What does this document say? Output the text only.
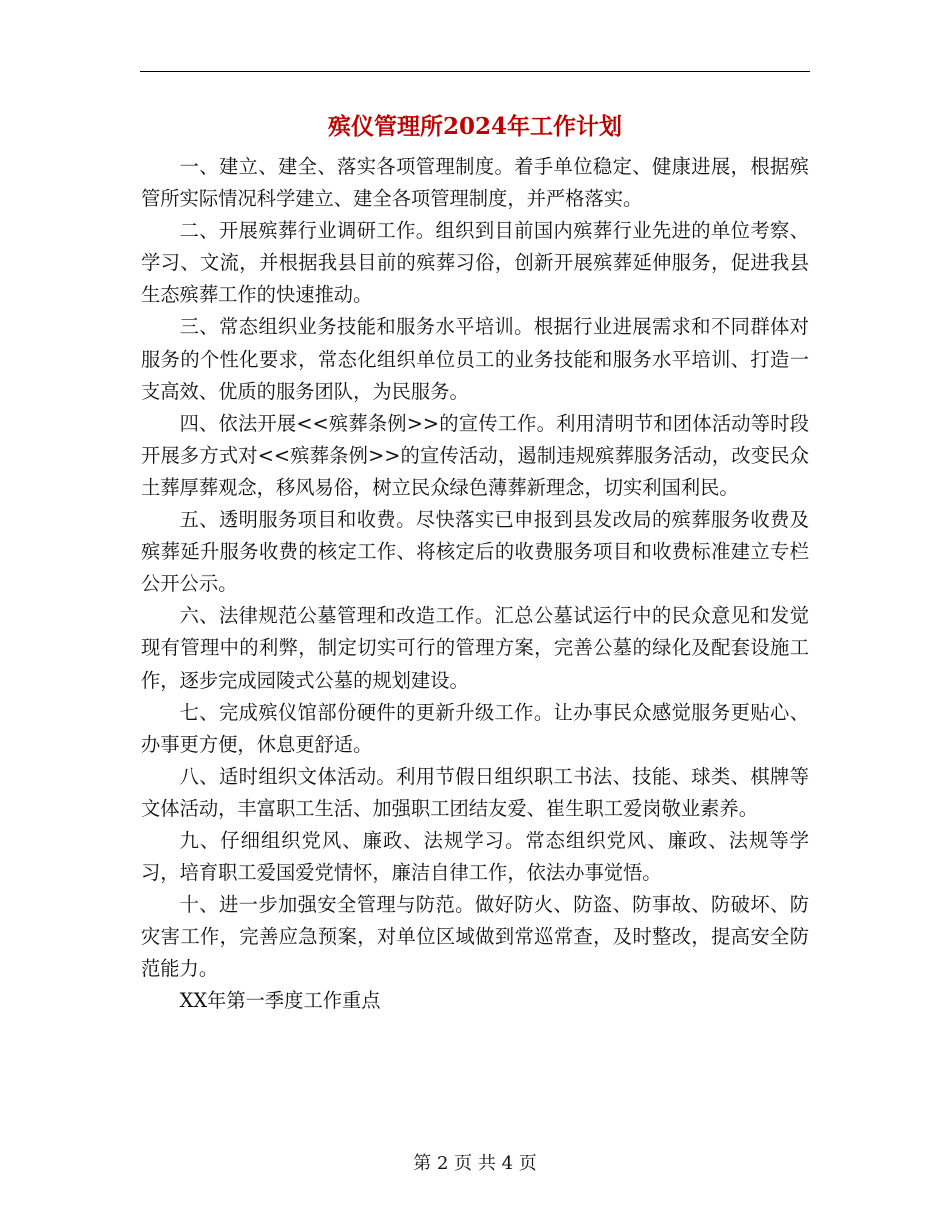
殡仪管理所2024年工作计划

一、建立、建全、落实各项管理制度。着手单位稳定、健康进展，根据殡管所实际情况科学建立、建全各项管理制度，并严格落实。

二、开展殡葬行业调研工作。组织到目前国内殡葬行业先进的单位考察、学习、文流，并根据我县目前的殡葬习俗，创新开展殡葬延伸服务，促进我县生态殡葬工作的快速推动。

三、常态组织业务技能和服务水平培训。根据行业进展需求和不同群体对服务的个性化要求，常态化组织单位员工的业务技能和服务水平培训、打造一支高效、优质的服务团队，为民服务。

四、依法开展<<殡葬条例>>的宣传工作。利用清明节和团体活动等时段开展多方式对<<殡葬条例>>的宣传活动，遏制违规殡葬服务活动，改变民众土葬厚葬观念，移风易俗，树立民众绿色薄葬新理念，切实利国利民。

五、透明服务项目和收费。尽快落实已申报到县发改局的殡葬服务收费及殡葬延升服务收费的核定工作、将核定后的收费服务项目和收费标准建立专栏公开公示。

六、法律规范公墓管理和改造工作。汇总公墓试运行中的民众意见和发觉现有管理中的利弊，制定切实可行的管理方案，完善公墓的绿化及配套设施工作，逐步完成园陵式公墓的规划建设。

七、完成殡仪馆部份硬件的更新升级工作。让办事民众感觉服务更贴心、办事更方便，休息更舒适。

八、适时组织文体活动。利用节假日组织职工书法、技能、球类、棋牌等文体活动，丰富职工生活、加强职工团结友爱、崔生职工爱岗敬业素养。

九、仔细组织党风、廉政、法规学习。常态组织党风、廉政、法规等学习，培育职工爱国爱党情怀，廉洁自律工作，依法办事觉悟。

十、进一步加强安全管理与防范。做好防火、防盗、防事故、防破坏、防灾害工作，完善应急预案，对单位区域做到常巡常查，及时整改，提高安全防范能力。

XX年第一季度工作重点

第 2 页 共 4 页
